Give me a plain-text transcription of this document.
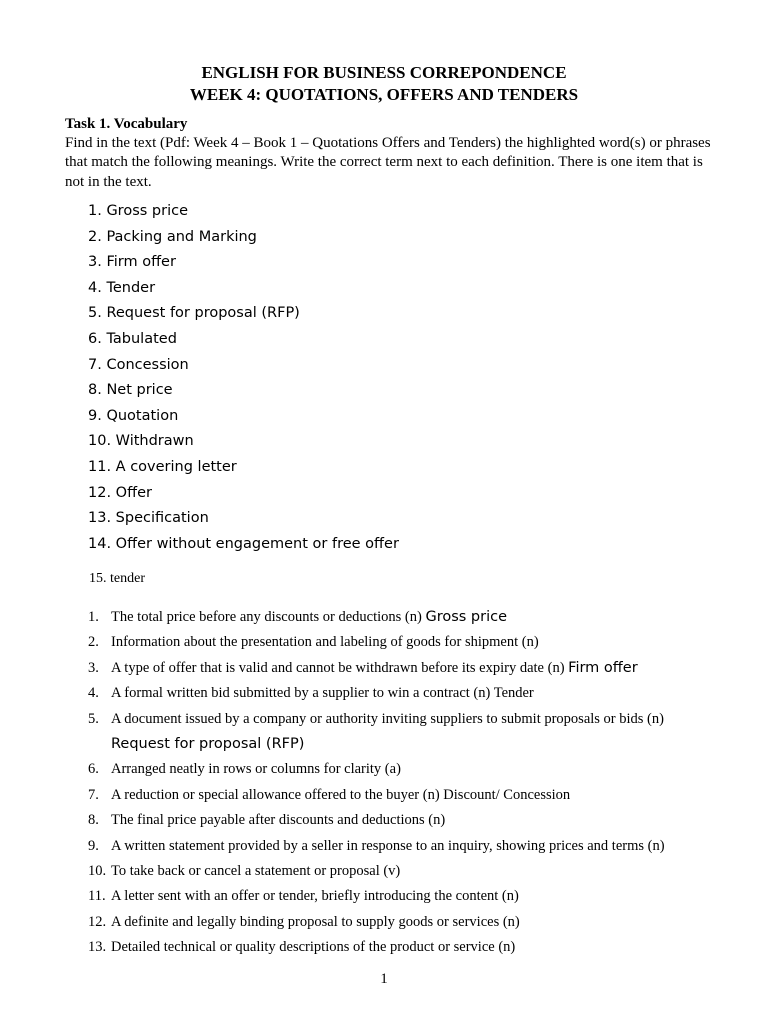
ENGLISH FOR BUSINESS CORREPONDENCE
WEEK 4: QUOTATIONS, OFFERS AND TENDERS
Task 1. Vocabulary
Find in the text (Pdf: Week 4 – Book 1 – Quotations Offers and Tenders) the highlighted word(s) or phrases that match the following meanings. Write the correct term next to each definition. There is one item that is not in the text.
1. Gross price
2. Packing and Marking
3. Firm offer
4. Tender
5. Request for proposal (RFP)
6. Tabulated
7. Concession
8. Net price
9. Quotation
10. Withdrawn
11. A covering letter
12. Offer
13. Specification
14. Offer without engagement or free offer
15. tender
1. The total price before any discounts or deductions (n) Gross price
2. Information about the presentation and labeling of goods for shipment (n)
3. A type of offer that is valid and cannot be withdrawn before its expiry date (n) Firm offer
4. A formal written bid submitted by a supplier to win a contract (n) Tender
5. A document issued by a company or authority inviting suppliers to submit proposals or bids (n)
Request for proposal (RFP)
6. Arranged neatly in rows or columns for clarity (a)
7. A reduction or special allowance offered to the buyer (n) Discount/ Concession
8. The final price payable after discounts and deductions (n)
9. A written statement provided by a seller in response to an inquiry, showing prices and terms (n)
10. To take back or cancel a statement or proposal (v)
11. A letter sent with an offer or tender, briefly introducing the content (n)
12. A definite and legally binding proposal to supply goods or services (n)
13. Detailed technical or quality descriptions of the product or service (n)
1
